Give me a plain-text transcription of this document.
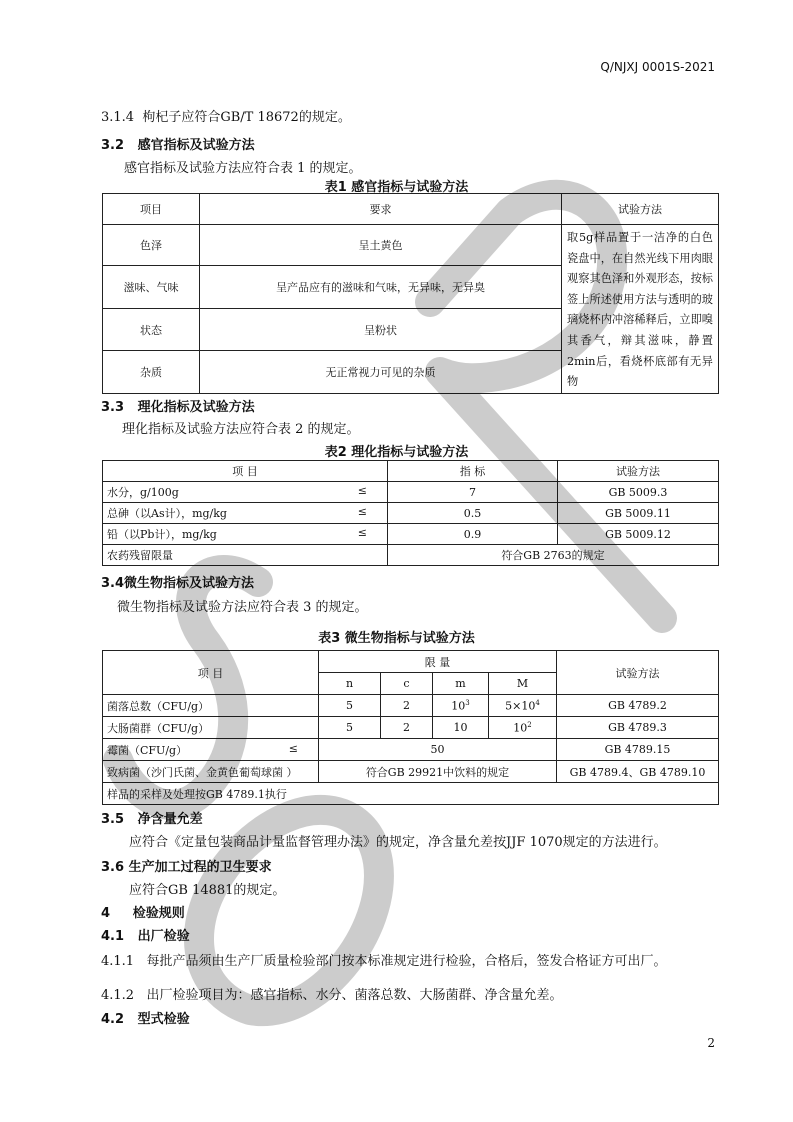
Q/NJXJ 0001S-2021
3.1.4 枸杞子应符合GB/T 18672的规定。
3.2 感官指标及试验方法
感官指标及试验方法应符合表 1 的规定。
表1 感官指标与试验方法
项目	要求	试验方法
色泽	呈土黄色	取5g样品置于一洁净的白色瓷盘中，在自然光线下用肉眼观察其色泽和外观形态，按标签上所述使用方法与透明的玻璃烧杯内冲溶稀释后，立即嗅其香气，辩其滋味，静置2min后，看烧杯底部有无异物
滋味、气味	呈产品应有的滋味和气味，无异味，无异臭	
状态	呈粉状	
杂质	无正常视力可见的杂质	
3.3 理化指标及试验方法
理化指标及试验方法应符合表 2 的规定。
表2 理化指标与试验方法
项 目	指 标	试验方法
水分，g/100g ≤	7	GB 5009.3
总砷（以As计），mg/kg ≤	0.5	GB 5009.11
铅（以Pb计），mg/kg ≤	0.9	GB 5009.12
农药残留限量	符合GB 2763的规定	
3.4微生物指标及试验方法
微生物指标及试验方法应符合表 3 的规定。
表3 微生物指标与试验方法
项 目	限 量				试验方法
	n	c	m	M	
菌落总数（CFU/g）	5	2	$10^3$	$5\times 10^4$	GB 4789.2
大肠菌群（CFU/g）	5	2	10	$10^2$	GB 4789.3
霉菌（CFU/g） ≤	50				GB 4789.15
致病菌（沙门氏菌、金黄色葡萄球菌 ）	符合GB 29921中饮料的规定				GB 4789.4、GB 4789.10
样品的采样及处理按GB 4789.1执行					
3.5 净含量允差
应符合《定量包装商品计量监督管理办法》的规定，净含量允差按JJF 1070规定的方法进行。
3.6 生产加工过程的卫生要求
应符合GB 14881的规定。
4 检验规则
4.1 出厂检验
4.1.1 每批产品须由生产厂质量检验部门按本标准规定进行检验，合格后，签发合格证方可出厂。
4.1.2 出厂检验项目为：感官指标、水分、菌落总数、大肠菌群、净含量允差。
4.2 型式检验
2
